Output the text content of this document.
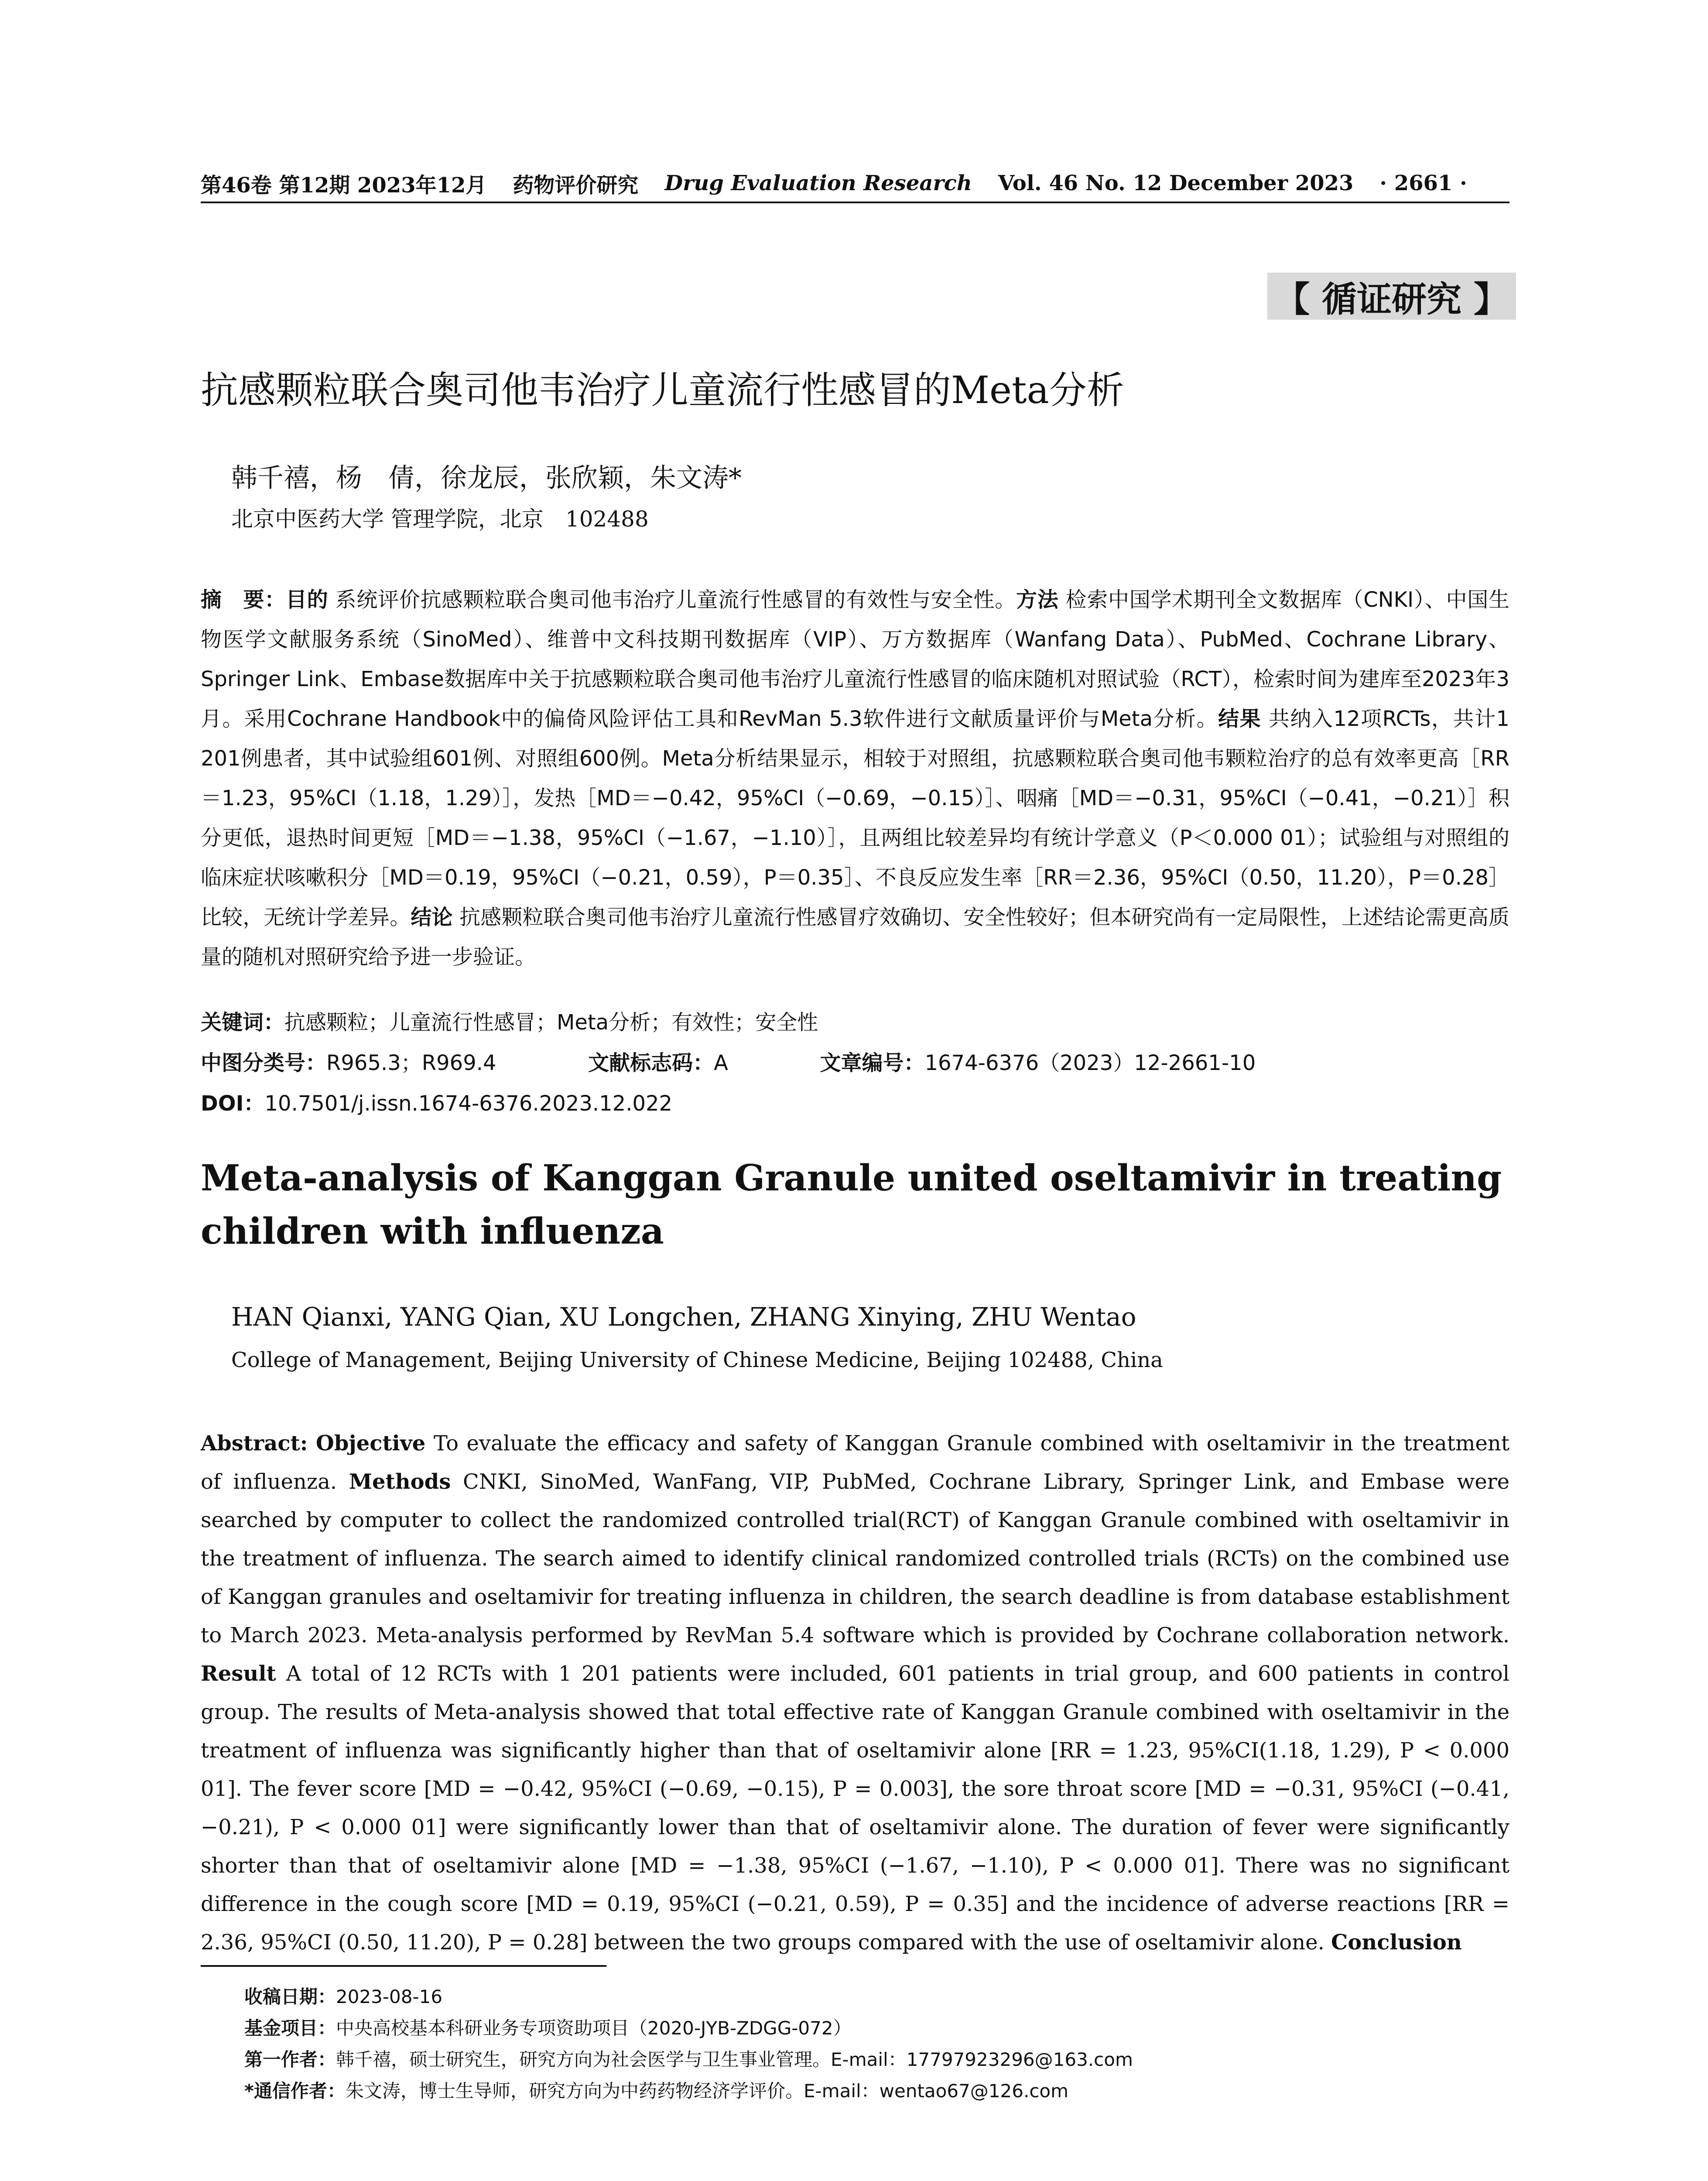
第46卷 第12期 2023年12月 药物评价研究 Drug Evaluation Research Vol. 46 No. 12 December 2023 · 2661 ·
【 循证研究 】
抗感颗粒联合奥司他韦治疗儿童流行性感冒的Meta分析
韩千禧，杨　倩，徐龙辰，张欣颖，朱文涛*
北京中医药大学 管理学院，北京　102488
摘　要：目的 系统评价抗感颗粒联合奥司他韦治疗儿童流行性感冒的有效性与安全性。方法 检索中国学术期刊全文数据库（CNKI）、中国生物医学文献服务系统（SinoMed）、维普中文科技期刊数据库（VIP）、万方数据库（Wanfang Data）、PubMed、Cochrane Library、Springer Link、Embase数据库中关于抗感颗粒联合奥司他韦治疗儿童流行性感冒的临床随机对照试验（RCT），检索时间为建库至2023年3月。采用Cochrane Handbook中的偏倚风险评估工具和RevMan 5.3软件进行文献质量评价与Meta分析。结果 共纳入12项RCTs，共计1 201例患者，其中试验组601例、对照组600例。Meta分析结果显示，相较于对照组，抗感颗粒联合奥司他韦颗粒治疗的总有效率更高［RR＝1.23，95%CI（1.18，1.29）］，发热［MD＝−0.42，95%CI（−0.69，−0.15）］、咽痛［MD＝−0.31，95%CI（−0.41，−0.21）］积分更低，退热时间更短［MD＝−1.38，95%CI（−1.67，−1.10）］，且两组比较差异均有统计学意义（P＜0.000 01）；试验组与对照组的临床症状咳嗽积分［MD＝0.19，95%CI（−0.21，0.59），P＝0.35］、不良反应发生率［RR＝2.36，95%CI（0.50，11.20），P＝0.28］比较，无统计学差异。结论 抗感颗粒联合奥司他韦治疗儿童流行性感冒疗效确切、安全性较好；但本研究尚有一定局限性，上述结论需更高质量的随机对照研究给予进一步验证。
关键词：抗感颗粒；儿童流行性感冒；Meta分析；有效性；安全性
中图分类号：R965.3；R969.4	文献标志码：A	文章编号：1674-6376（2023）12-2661-10
DOI：10.7501/j.issn.1674-6376.2023.12.022
Meta-analysis of Kanggan Granule united oseltamivir in treating children with influenza
HAN Qianxi, YANG Qian, XU Longchen, ZHANG Xinying, ZHU Wentao
College of Management, Beijing University of Chinese Medicine, Beijing 102488, China
Abstract: Objective To evaluate the efficacy and safety of Kanggan Granule combined with oseltamivir in the treatment of influenza. Methods CNKI, SinoMed, WanFang, VIP, PubMed, Cochrane Library, Springer Link, and Embase were searched by computer to collect the randomized controlled trial(RCT) of Kanggan Granule combined with oseltamivir in the treatment of influenza. The search aimed to identify clinical randomized controlled trials (RCTs) on the combined use of Kanggan granules and oseltamivir for treating influenza in children, the search deadline is from database establishment to March 2023. Meta-analysis performed by RevMan 5.4 software which is provided by Cochrane collaboration network. Result A total of 12 RCTs with 1 201 patients were included, 601 patients in trial group, and 600 patients in control group. The results of Meta-analysis showed that total effective rate of Kanggan Granule combined with oseltamivir in the treatment of influenza was significantly higher than that of oseltamivir alone [RR = 1.23, 95%CI(1.18, 1.29), P < 0.000 01]. The fever score [MD = −0.42, 95%CI (−0.69, −0.15), P = 0.003], the sore throat score [MD = −0.31, 95%CI (−0.41, −0.21), P < 0.000 01] were significantly lower than that of oseltamivir alone. The duration of fever were significantly shorter than that of oseltamivir alone [MD = −1.38, 95%CI (−1.67, −1.10), P < 0.000 01]. There was no significant difference in the cough score [MD = 0.19, 95%CI (−0.21, 0.59), P = 0.35] and the incidence of adverse reactions [RR = 2.36, 95%CI (0.50, 11.20), P = 0.28] between the two groups compared with the use of oseltamivir alone. Conclusion
收稿日期：2023-08-16
基金项目：中央高校基本科研业务专项资助项目（2020-JYB-ZDGG-072）
第一作者：韩千禧，硕士研究生，研究方向为社会医学与卫生事业管理。E-mail：17797923296@163.com
*通信作者：朱文涛，博士生导师，研究方向为中药药物经济学评价。E-mail：wentao67@126.com
